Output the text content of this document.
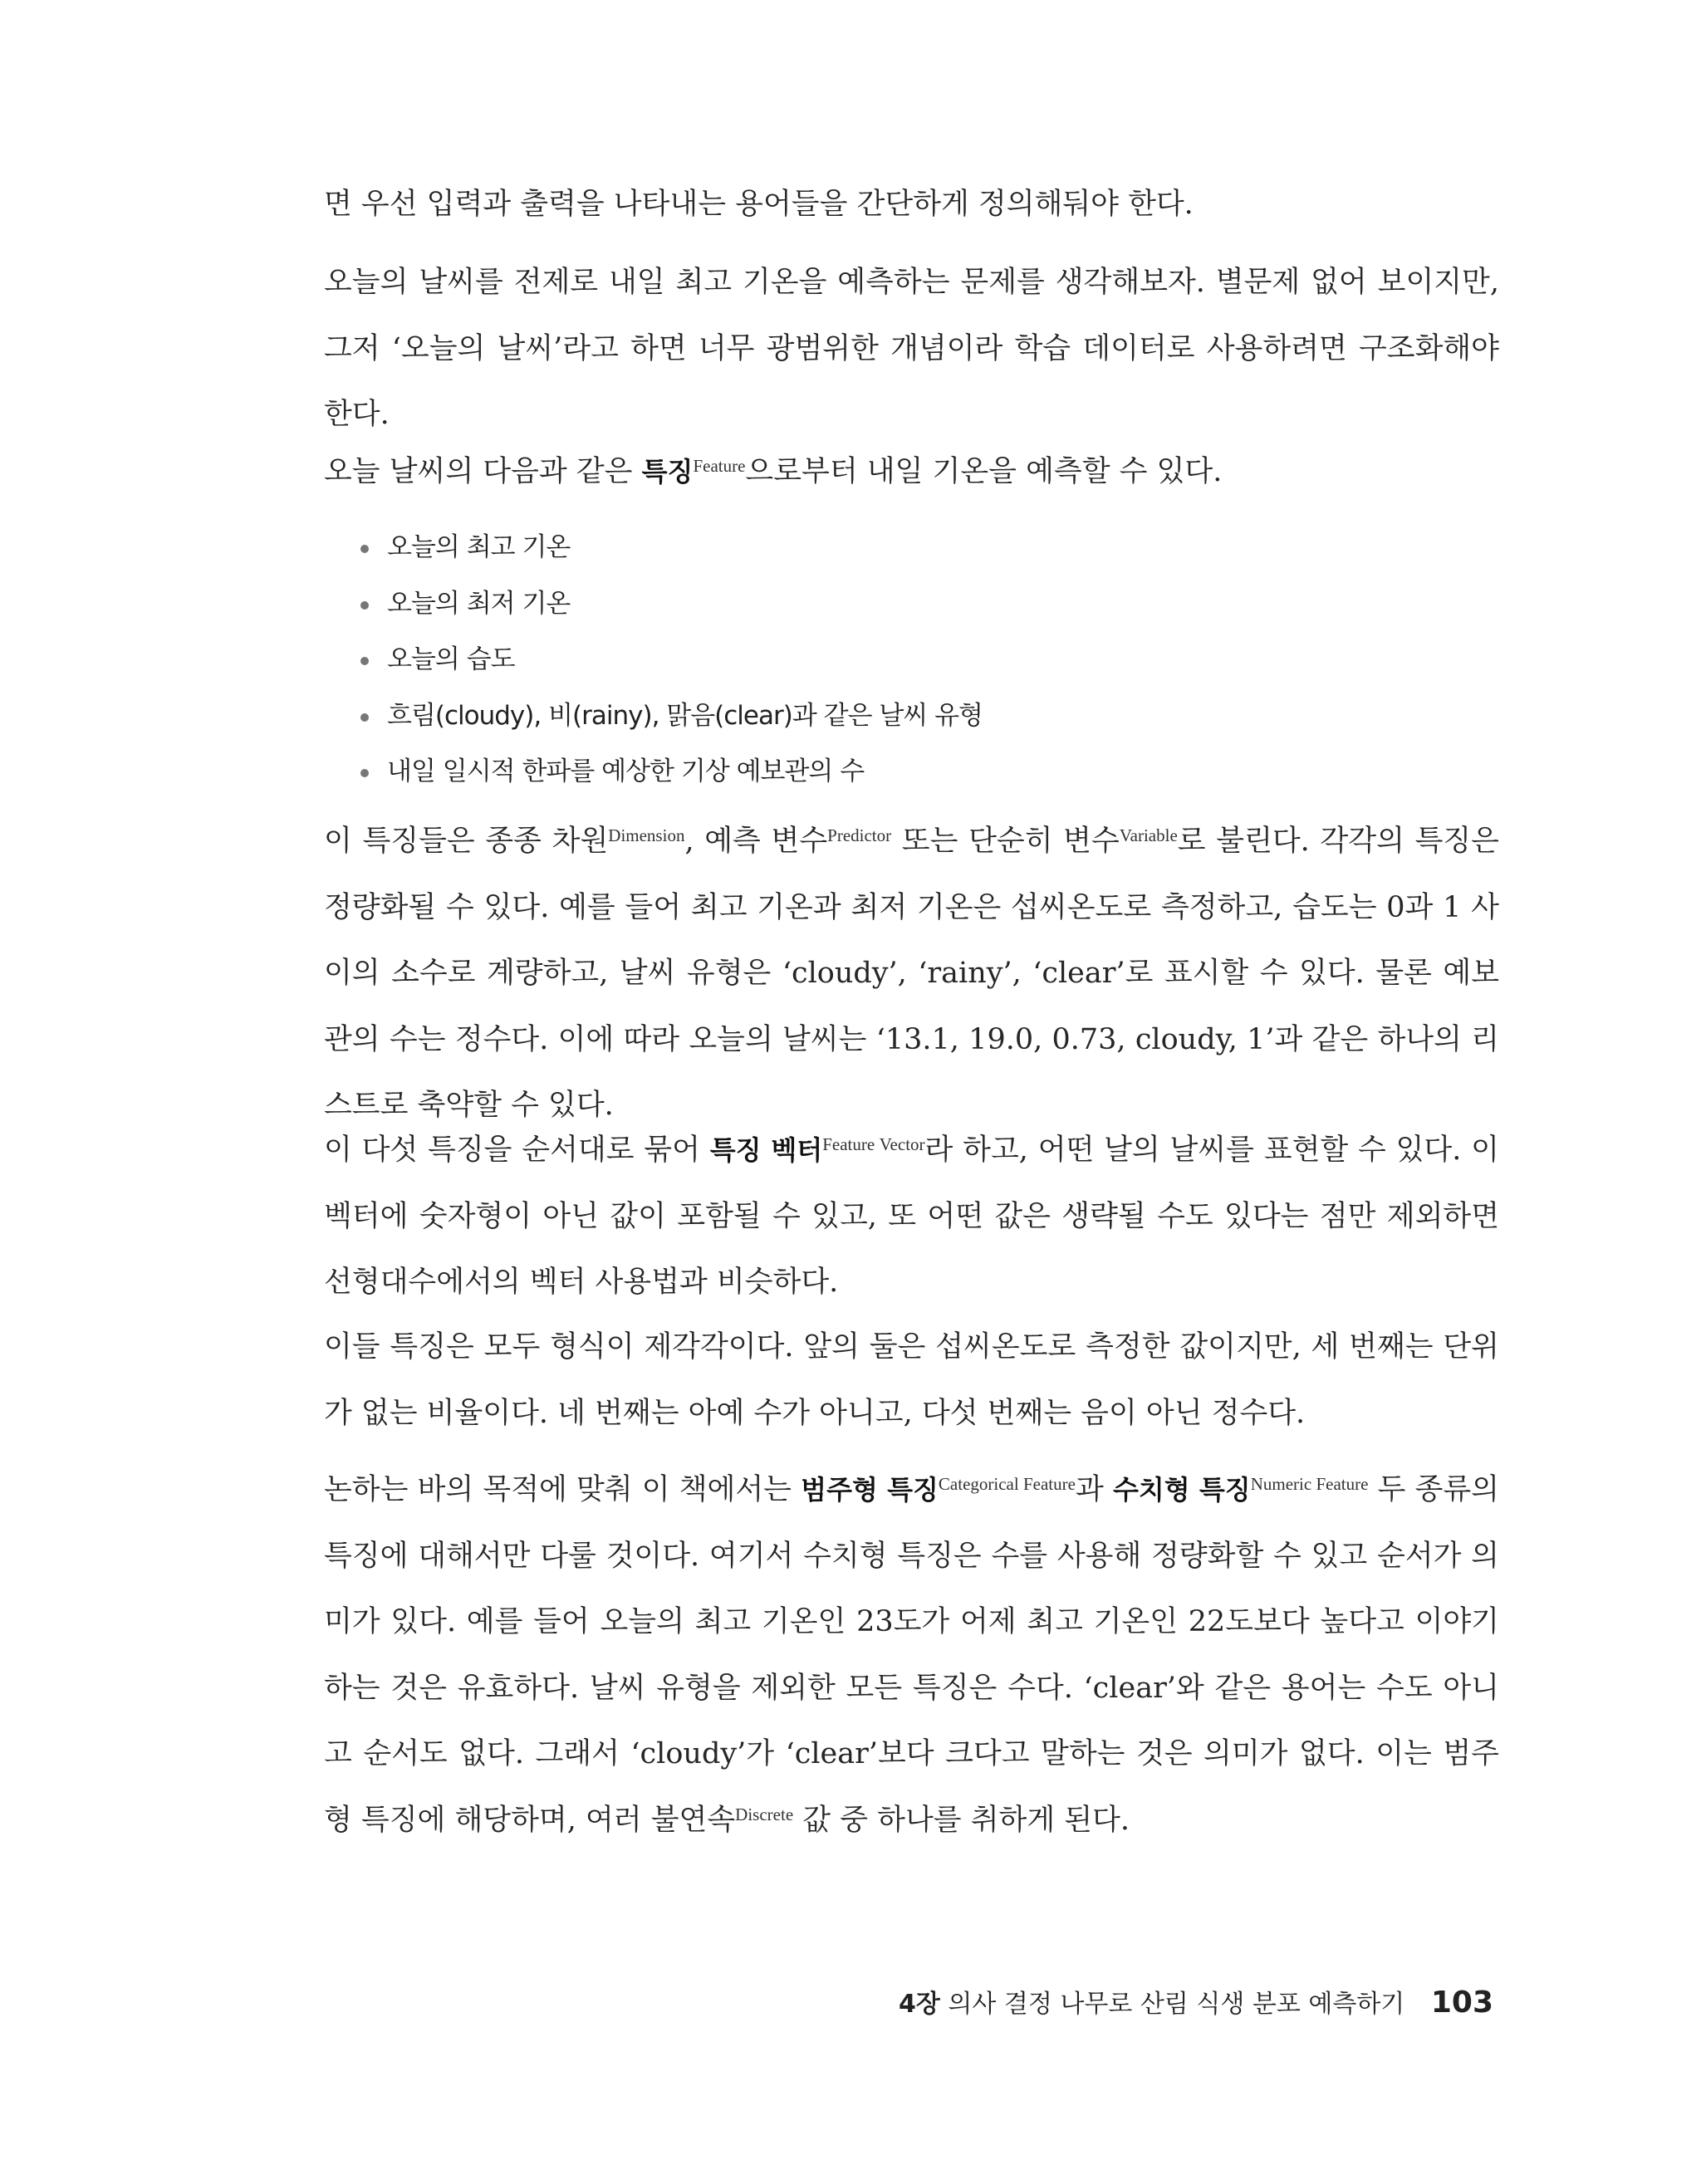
면 우선 입력과 출력을 나타내는 용어들을 간단하게 정의해둬야 한다.

오늘의 날씨를 전제로 내일 최고 기온을 예측하는 문제를 생각해보자. 별문제 없어 보이지만, 그저 ‘오늘의 날씨’라고 하면 너무 광범위한 개념이라 학습 데이터로 사용하려면 구조화해야 한다.

오늘 날씨의 다음과 같은 특징$^{Feature}$으로부터 내일 기온을 예측할 수 있다.

오늘의 최고 기온
오늘의 최저 기온
오늘의 습도
흐림(cloudy), 비(rainy), 맑음(clear)과 같은 날씨 유형
내일 일시적 한파를 예상한 기상 예보관의 수

이 특징들은 종종 차원$^{Dimension}$, 예측 변수$^{Predictor}$ 또는 단순히 변수$^{Variable}$로 불린다. 각각의 특징은 정량화될 수 있다. 예를 들어 최고 기온과 최저 기온은 섭씨온도로 측정하고, 습도는 0과 1 사이의 소수로 계량하고, 날씨 유형은 ‘cloudy’, ‘rainy’, ‘clear’로 표시할 수 있다. 물론 예보관의 수는 정수다. 이에 따라 오늘의 날씨는 ‘13.1, 19.0, 0.73, cloudy, 1’과 같은 하나의 리스트로 축약할 수 있다.

이 다섯 특징을 순서대로 묶어 특징 벡터$^{Feature Vector}$라 하고, 어떤 날의 날씨를 표현할 수 있다. 이 벡터에 숫자형이 아닌 값이 포함될 수 있고, 또 어떤 값은 생략될 수도 있다는 점만 제외하면 선형대수에서의 벡터 사용법과 비슷하다.

이들 특징은 모두 형식이 제각각이다. 앞의 둘은 섭씨온도로 측정한 값이지만, 세 번째는 단위가 없는 비율이다. 네 번째는 아예 수가 아니고, 다섯 번째는 음이 아닌 정수다.

논하는 바의 목적에 맞춰 이 책에서는 범주형 특징$^{Categorical Feature}$과 수치형 특징$^{Numeric Feature}$ 두 종류의 특징에 대해서만 다룰 것이다. 여기서 수치형 특징은 수를 사용해 정량화할 수 있고 순서가 의미가 있다. 예를 들어 오늘의 최고 기온인 23도가 어제 최고 기온인 22도보다 높다고 이야기하는 것은 유효하다. 날씨 유형을 제외한 모든 특징은 수다. ‘clear’와 같은 용어는 수도 아니고 순서도 없다. 그래서 ‘cloudy’가 ‘clear’보다 크다고 말하는 것은 의미가 없다. 이는 범주형 특징에 해당하며, 여러 불연속$^{Discrete}$ 값 중 하나를 취하게 된다.

4장 의사 결정 나무로 산림 식생 분포 예측하기 103
